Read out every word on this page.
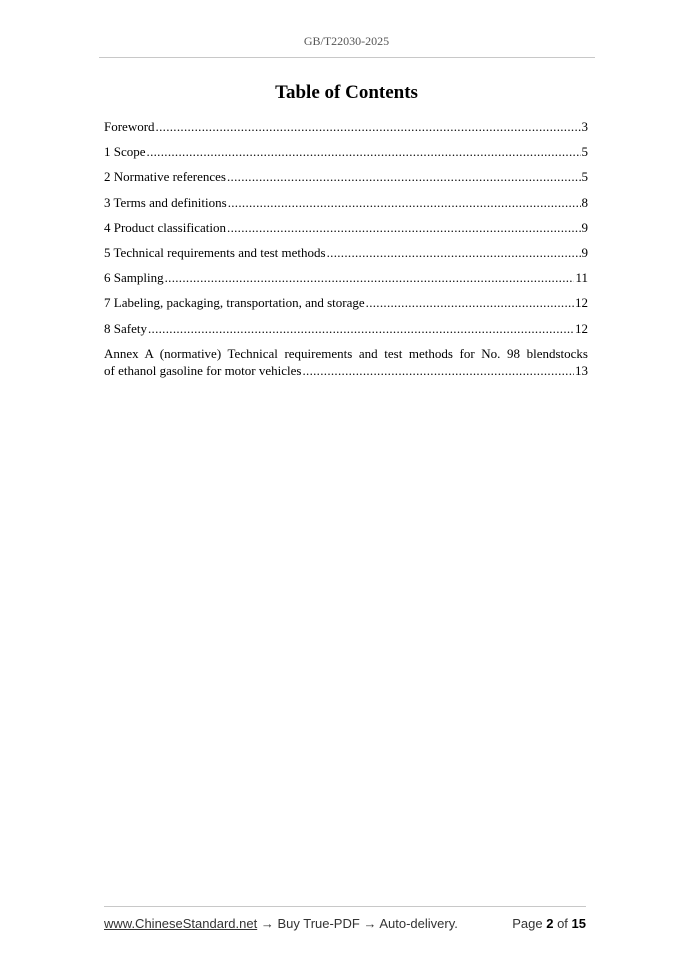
GB/T22030-2025
Table of Contents
Foreword .....	3
1 Scope .....	5
2 Normative references .....	5
3 Terms and definitions .....	8
4 Product classification .....	9
5 Technical requirements and test methods .....	9
6 Sampling .....	11
7 Labeling, packaging, transportation, and storage .....	12
8 Safety .....	12
Annex A (normative) Technical requirements and test methods for No. 98 blendstocks
of ethanol gasoline for motor vehicles .....	13
www.ChineseStandard.net → Buy True-PDF → Auto-delivery.	Page 2 of 15
